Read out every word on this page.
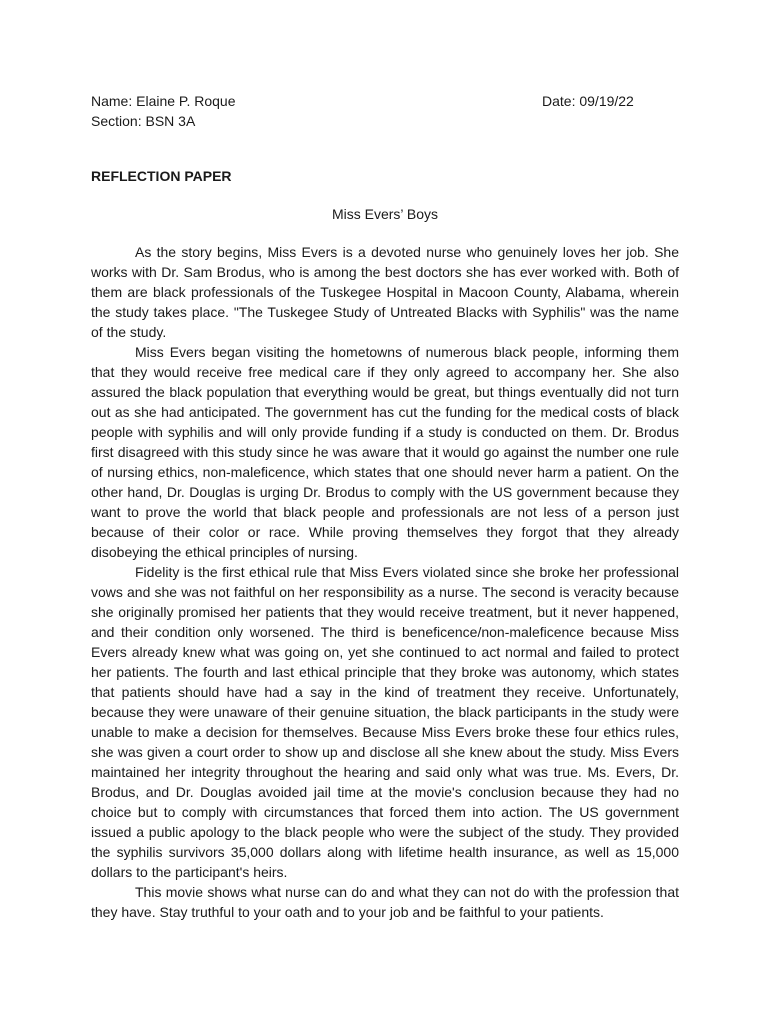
Name: Elaine P. Roque	Date: 09/19/22
Section: BSN 3A
REFLECTION PAPER
Miss Evers’ Boys

As the story begins, Miss Evers is a devoted nurse who genuinely loves her job. She works with Dr. Sam Brodus, who is among the best doctors she has ever worked with. Both of them are black professionals of the Tuskegee Hospital in Macoon County, Alabama, wherein the study takes place. "The Tuskegee Study of Untreated Blacks with Syphilis" was the name of the study.

Miss Evers began visiting the hometowns of numerous black people, informing them that they would receive free medical care if they only agreed to accompany her. She also assured the black population that everything would be great, but things eventually did not turn out as she had anticipated. The government has cut the funding for the medical costs of black people with syphilis and will only provide funding if a study is conducted on them. Dr. Brodus first disagreed with this study since he was aware that it would go against the number one rule of nursing ethics, non-maleficence, which states that one should never harm a patient. On the other hand, Dr. Douglas is urging Dr. Brodus to comply with the US government because they want to prove the world that black people and professionals are not less of a person just because of their color or race. While proving themselves they forgot that they already disobeying the ethical principles of nursing.

Fidelity is the first ethical rule that Miss Evers violated since she broke her professional vows and she was not faithful on her responsibility as a nurse. The second is veracity because she originally promised her patients that they would receive treatment, but it never happened, and their condition only worsened. The third is beneficence/non-maleficence because Miss Evers already knew what was going on, yet she continued to act normal and failed to protect her patients. The fourth and last ethical principle that they broke was autonomy, which states that patients should have had a say in the kind of treatment they receive. Unfortunately, because they were unaware of their genuine situation, the black participants in the study were unable to make a decision for themselves. Because Miss Evers broke these four ethics rules, she was given a court order to show up and disclose all she knew about the study. Miss Evers maintained her integrity throughout the hearing and said only what was true. Ms. Evers, Dr. Brodus, and Dr. Douglas avoided jail time at the movie's conclusion because they had no choice but to comply with circumstances that forced them into action. The US government issued a public apology to the black people who were the subject of the study. They provided the syphilis survivors 35,000 dollars along with lifetime health insurance, as well as 15,000 dollars to the participant's heirs.

This movie shows what nurse can do and what they can not do with the profession that they have. Stay truthful to your oath and to your job and be faithful to your patients.
